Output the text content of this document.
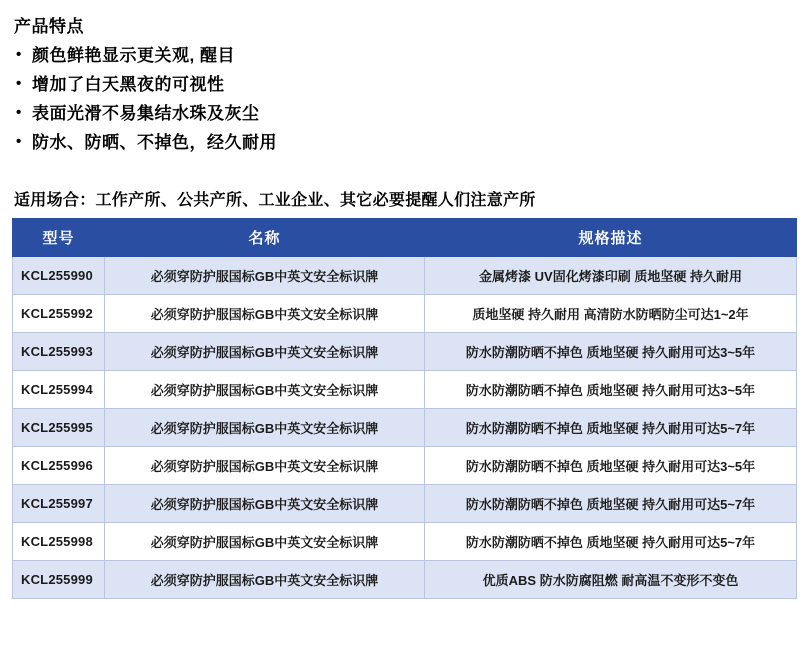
产品特点
• 颜色鲜艳显示更关观, 醒目
• 增加了白天黑夜的可视性
• 表面光滑不易集结水珠及灰尘
• 防水、防晒、不掉色，经久耐用
适用场合：工作产所、公共产所、工业企业、其它必要提醒人们注意产所
型号	名称	规格描述
KCL255990	必须穿防护服国标GB中英文安全标识牌	金属烤漆 UV固化烤漆印刷 质地坚硬 持久耐用
KCL255992	必须穿防护服国标GB中英文安全标识牌	质地坚硬 持久耐用 高清防水防晒防尘可达1~2年
KCL255993	必须穿防护服国标GB中英文安全标识牌	防水防潮防晒不掉色 质地坚硬 持久耐用可达3~5年
KCL255994	必须穿防护服国标GB中英文安全标识牌	防水防潮防晒不掉色 质地坚硬 持久耐用可达3~5年
KCL255995	必须穿防护服国标GB中英文安全标识牌	防水防潮防晒不掉色 质地坚硬 持久耐用可达5~7年
KCL255996	必须穿防护服国标GB中英文安全标识牌	防水防潮防晒不掉色 质地坚硬 持久耐用可达3~5年
KCL255997	必须穿防护服国标GB中英文安全标识牌	防水防潮防晒不掉色 质地坚硬 持久耐用可达5~7年
KCL255998	必须穿防护服国标GB中英文安全标识牌	防水防潮防晒不掉色 质地坚硬 持久耐用可达5~7年
KCL255999	必须穿防护服国标GB中英文安全标识牌	优质ABS 防水防腐阻燃 耐高温不变形不变色
